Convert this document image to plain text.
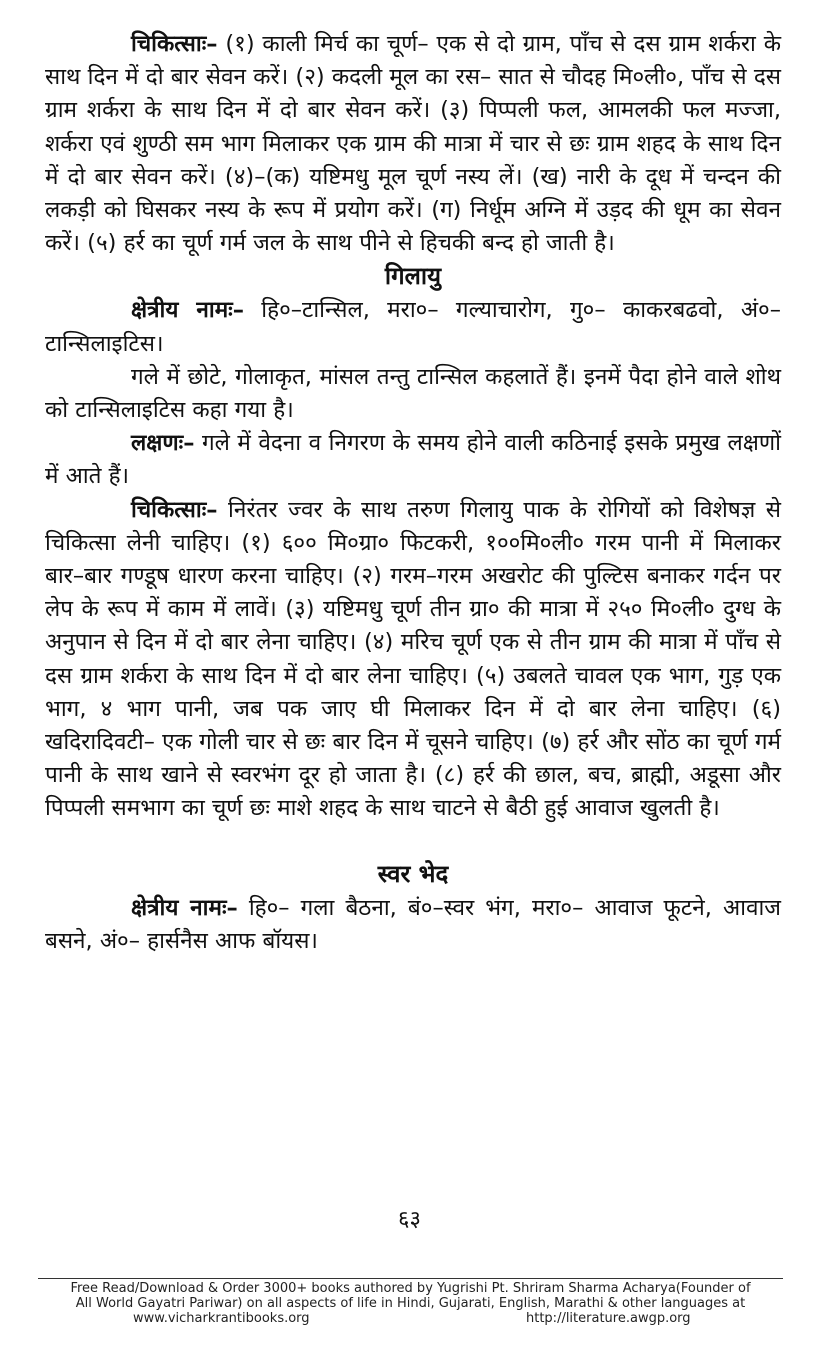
चिकित्साः– (१) काली मिर्च का चूर्ण– एक से दो ग्राम, पाँच से दस ग्राम शर्करा के साथ दिन में दो बार सेवन करें। (२) कदली मूल का रस– सात से चौदह मि०ली०, पाँच से दस ग्राम शर्करा के साथ दिन में दो बार सेवन करें। (३) पिप्पली फल, आमलकी फल मज्जा, शर्करा एवं शुण्ठी सम भाग मिलाकर एक ग्राम की मात्रा में चार से छः ग्राम शहद के साथ दिन में दो बार सेवन करें। (४)–(क) यष्टिमधु मूल चूर्ण नस्य लें। (ख) नारी के दूध में चन्दन की लकड़ी को घिसकर नस्य के रूप में प्रयोग करें। (ग) निर्धूम अग्नि में उड़द की धूम का सेवन करें। (५) हर्र का चूर्ण गर्म जल के साथ पीने से हिचकी बन्द हो जाती है।

गिलायु

क्षेत्रीय नामः– हि०–टान्सिल, मरा०– गल्याचारोग, गु०– काकरबढवो, अं०– टान्सिलाइटिस।

गले में छोटे, गोलाकृत, मांसल तन्तु टान्सिल कहलातें हैं। इनमें पैदा होने वाले शोथ को टान्सिलाइटिस कहा गया है।

लक्षणः– गले में वेदना व निगरण के समय होने वाली कठिनाई इसके प्रमुख लक्षणों में आते हैं।

चिकित्साः– निरंतर ज्वर के साथ तरुण गिलायु पाक के रोगियों को विशेषज्ञ से चिकित्सा लेनी चाहिए। (१) ६०० मि०ग्रा० फिटकरी, १००मि०ली० गरम पानी में मिलाकर बार–बार गण्डूष धारण करना चाहिए। (२) गरम–गरम अखरोट की पुल्टिस बनाकर गर्दन पर लेप के रूप में काम में लावें। (३) यष्टिमधु चूर्ण तीन ग्रा० की मात्रा में २५० मि०ली० दुग्ध के अनुपान से दिन में दो बार लेना चाहिए। (४) मरिच चूर्ण एक से तीन ग्राम की मात्रा में पाँच से दस ग्राम शर्करा के साथ दिन में दो बार लेना चाहिए। (५) उबलते चावल एक भाग, गुड़ एक भाग, ४ भाग पानी, जब पक जाए घी मिलाकर दिन में दो बार लेना चाहिए। (६) खदिरादिवटी– एक गोली चार से छः बार दिन में चूसने चाहिए। (७) हर्र और सोंठ का चूर्ण गर्म पानी के साथ खाने से स्वरभंग दूर हो जाता है। (८) हर्र की छाल, बच, ब्राह्मी, अडूसा और पिप्पली समभाग का चूर्ण छः माशे शहद के साथ चाटने से बैठी हुई आवाज खुलती है।

स्वर भेद

क्षेत्रीय नामः– हि०– गला बैठना, बं०–स्वर भंग, मरा०– आवाज फूटने, आवाज बसने, अं०– हार्सनैस आफ बॉयस।

६३
Free Read/Download & Order 3000+ books authored by Yugrishi Pt. Shriram Sharma Acharya(Founder of
All World Gayatri Pariwar) on all aspects of life in Hindi, Gujarati, English, Marathi & other languages at
www.vicharkrantibooks.org	http://literature.awgp.org
